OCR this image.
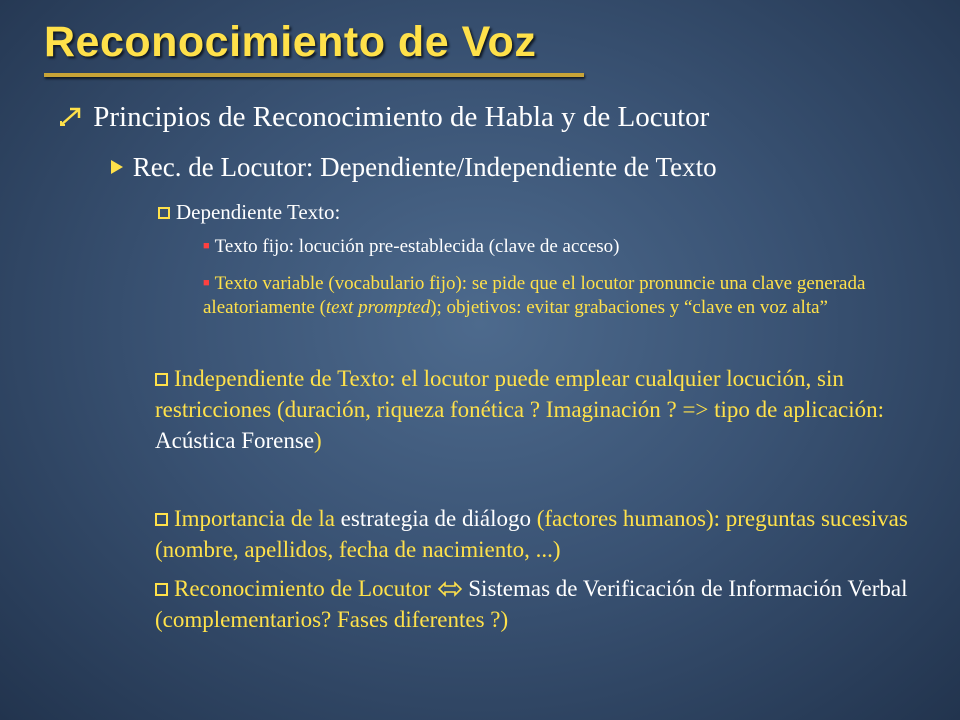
Reconocimiento de Voz
Principios de Reconocimiento de Habla y de Locutor
Rec. de Locutor: Dependiente/Independiente de Texto
Dependiente Texto:
■ Texto fijo: locución pre-establecida (clave de acceso)
■ Texto variable (vocabulario fijo): se pide que el locutor pronuncie una clave generada aleatoriamente (text prompted); objetivos: evitar grabaciones y “clave en voz alta”
Independiente de Texto: el locutor puede emplear cualquier locución, sin restricciones (duración, riqueza fonética ? Imaginación ? => tipo de aplicación: Acústica Forense)
Importancia de la estrategia de diálogo (factores humanos): preguntas sucesivas (nombre, apellidos, fecha de nacimiento, ...)
Reconocimiento de Locutor  Sistemas de Verificación de Información Verbal (complementarios? Fases diferentes ?)
